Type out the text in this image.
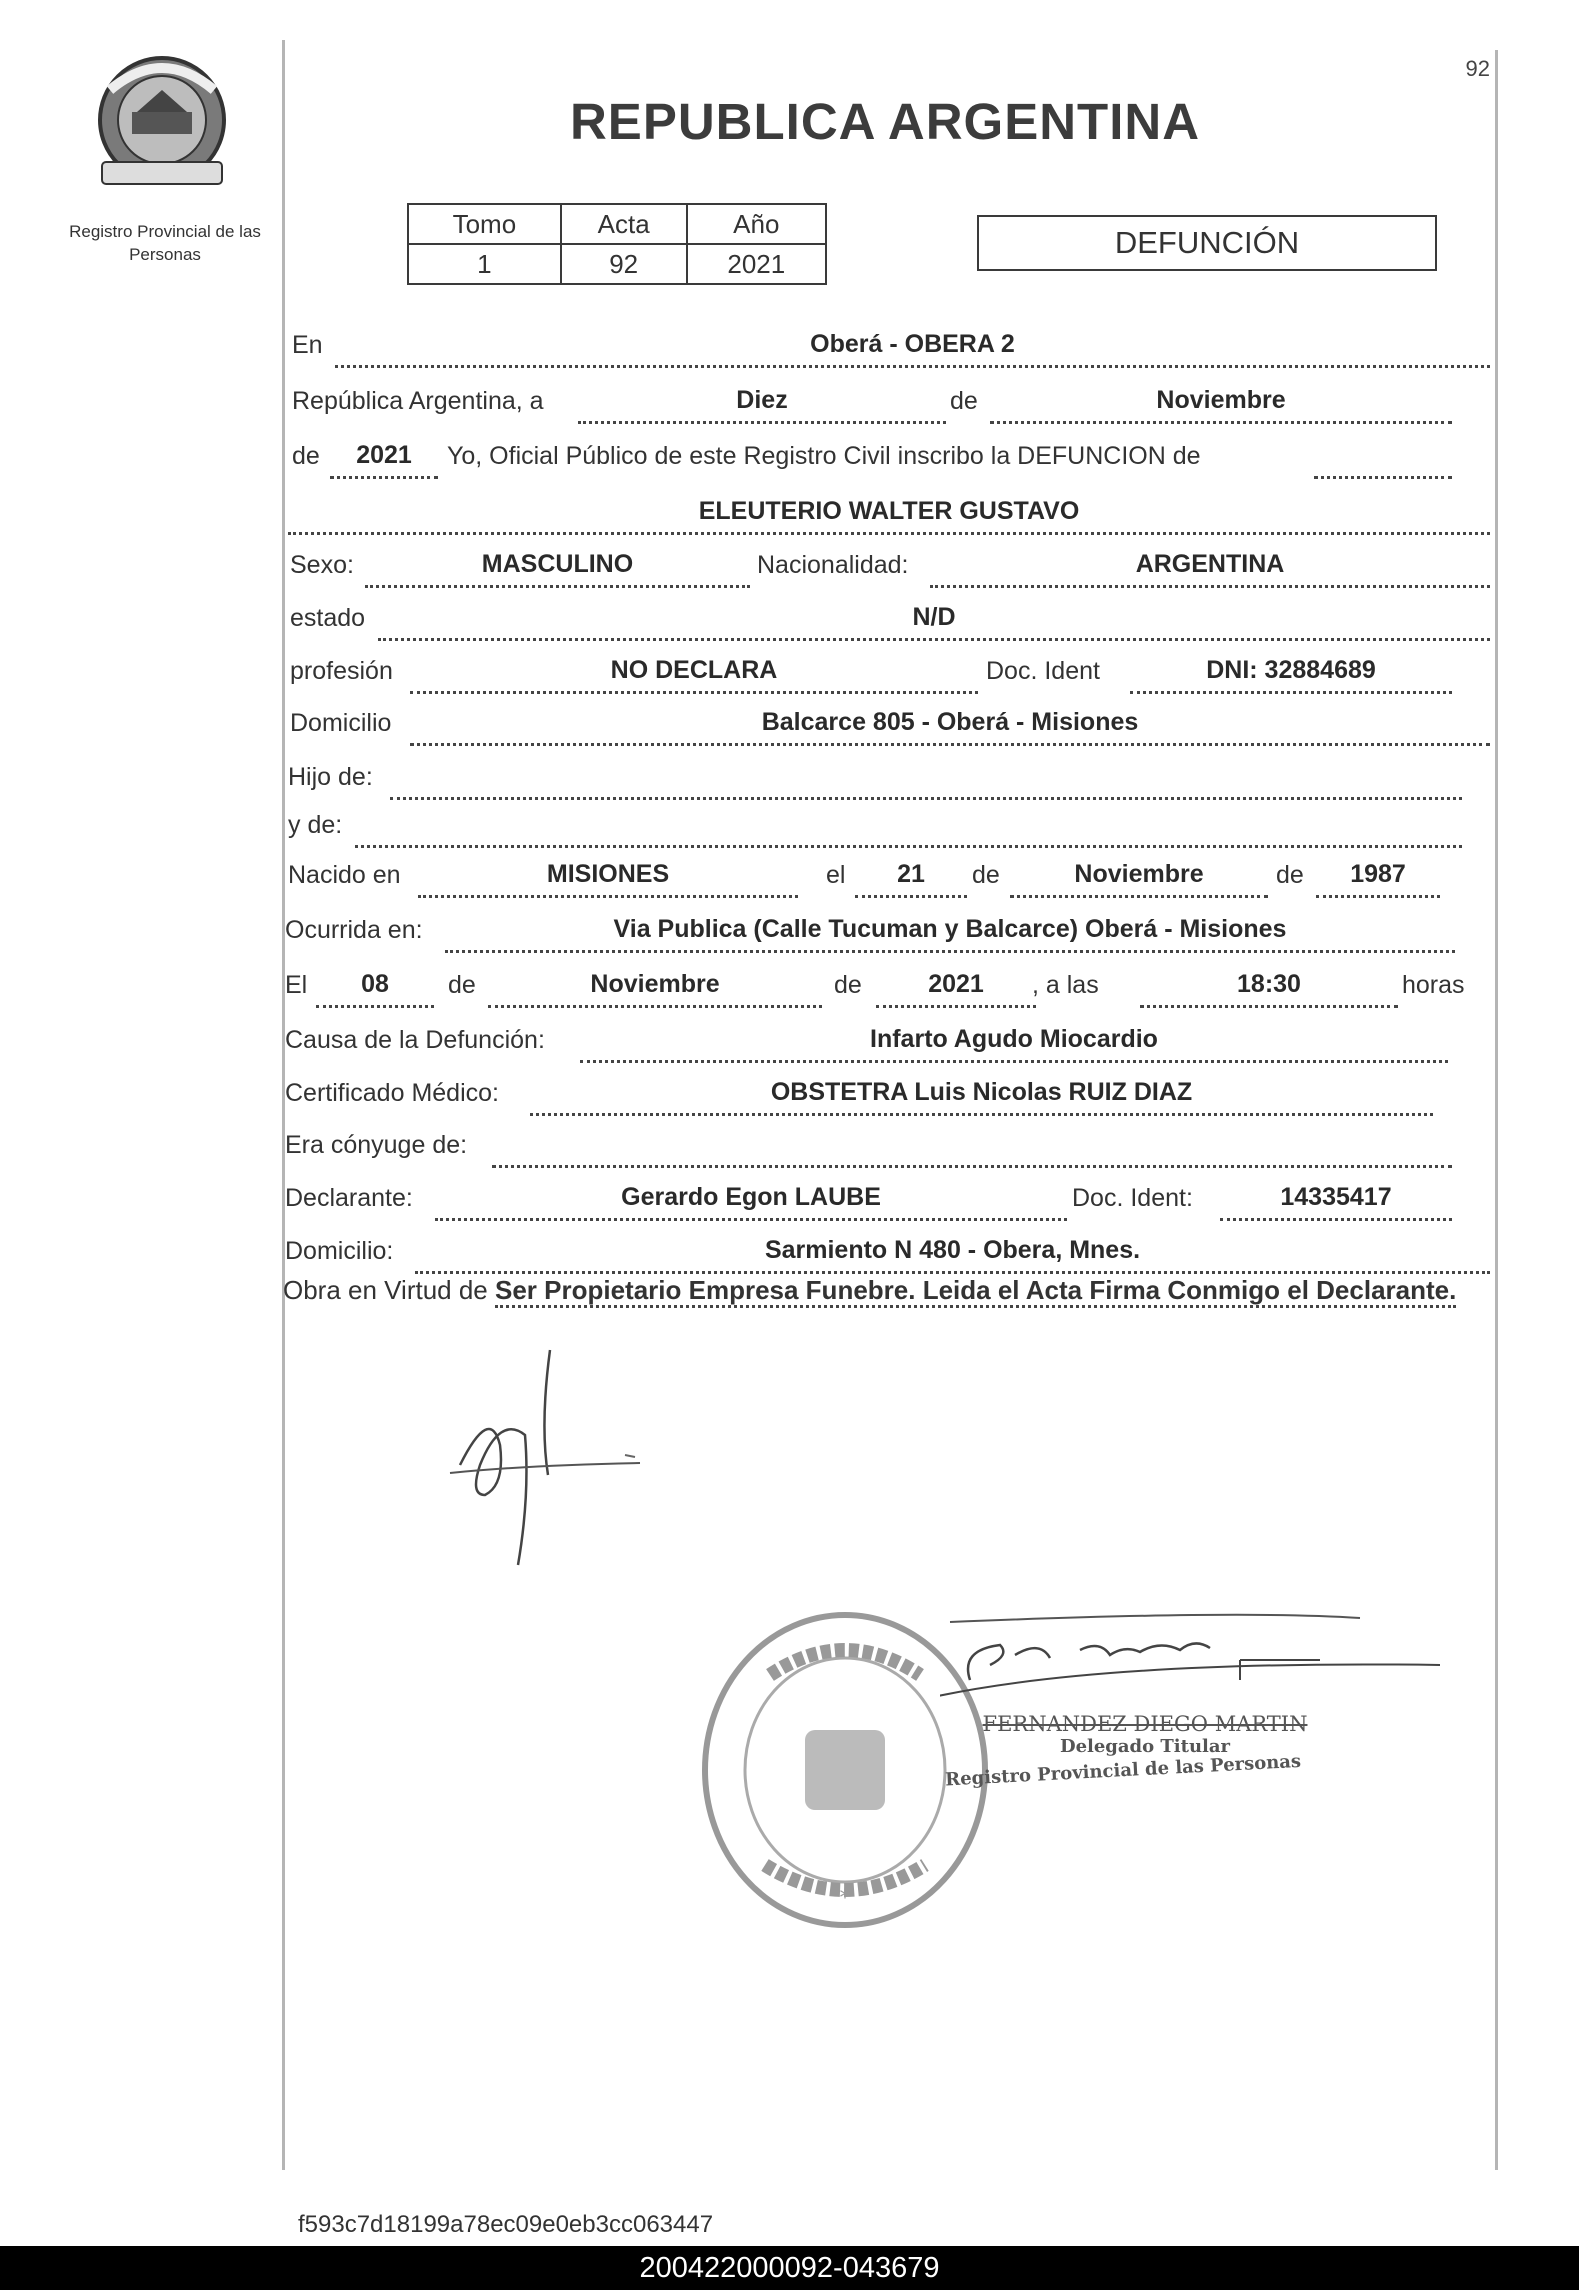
Registro Provincial de las Personas
REPUBLICA ARGENTINA
92
Tomo	Acta	Año
1	92	2021
DEFUNCIÓN
En	Oberá - OBERA 2
República Argentina, a	Diez	de	Noviembre
de	2021	Yo, Oficial Público de este Registro Civil inscribo la DEFUNCION de
ELEUTERIO WALTER GUSTAVO
Sexo:	MASCULINO	Nacionalidad:	ARGENTINA
estado	N/D
profesión	NO DECLARA	Doc. Ident	DNI: 32884689
Domicilio	Balcarce 805 - Oberá - Misiones
Hijo de:
y de:
Nacido en	MISIONES	el	21	de	Noviembre	de	1987
Ocurrida en:	Via Publica (Calle Tucuman y Balcarce) Oberá - Misiones
El	08	de	Noviembre	de	2021	, a las	18:30	horas
Causa de la Defunción:	Infarto Agudo Miocardio
Certificado Médico:	OBSTETRA Luis Nicolas RUIZ DIAZ
Era cónyuge de:
Declarante:	Gerardo Egon LAUBE	Doc. Ident:	14335417
Domicilio:	Sarmiento N 480 - Obera, Mnes.
Obra en Virtud de Ser Propietario Empresa Funebre. Leida el Acta Firma Conmigo el Declarante.
*
FERNANDEZ DIEGO MARTIN
Delegado Titular
Registro Provincial de las Personas
f593c7d18199a78ec09e0eb3cc063447
200422000092-043679
